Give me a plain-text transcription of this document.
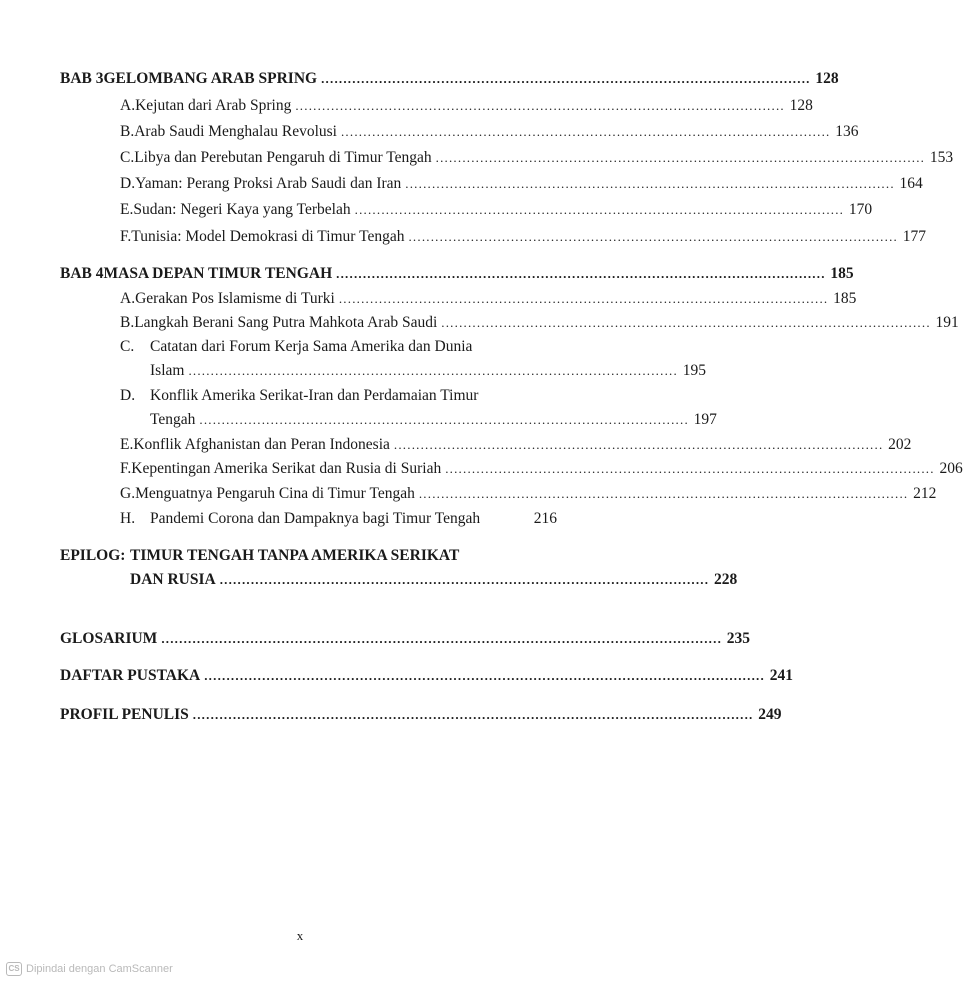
BAB 3 GELOMBANG ARAB SPRING .............................................................................................................. 128
A. Kejutan dari Arab Spring .............................................................................................................. 128
B. Arab Saudi Menghalau Revolusi .............................................................................................................. 136
C. Libya dan Perebutan Pengaruh di Timur Tengah .............................................................................................................. 153
D. Yaman: Perang Proksi Arab Saudi dan Iran .............................................................................................................. 164
E. Sudan: Negeri Kaya yang Terbelah .............................................................................................................. 170
F. Tunisia: Model Demokrasi di Timur Tengah .............................................................................................................. 177
BAB 4 MASA DEPAN TIMUR TENGAH .............................................................................................................. 185
A. Gerakan Pos Islamisme di Turki .............................................................................................................. 185
B. Langkah Berani Sang Putra Mahkota Arab Saudi .............................................................................................................. 191
C.	Catatan dari Forum Kerja Sama Amerika dan Dunia
Islam .............................................................................................................. 195
D. Konflik Amerika Serikat-Iran dan Perdamaian Timur
Tengah .............................................................................................................. 197
E. Konflik Afghanistan dan Peran Indonesia .............................................................................................................. 202
F. Kepentingan Amerika Serikat dan Rusia di Suriah .............................................................................................................. 206
G. Menguatnya Pengaruh Cina di Timur Tengah .............................................................................................................. 212
H. Pandemi Corona dan Dampaknya bagi Timur Tengah	216
EPILOG: TIMUR TENGAH TANPA AMERIKA SERIKAT
DAN RUSIA .............................................................................................................. 228
GLOSARIUM .............................................................................................................................. 235
DAFTAR PUSTAKA .............................................................................................................................. 241
PROFIL PENULIS .............................................................................................................................. 249
x
CS Dipindai dengan CamScanner
